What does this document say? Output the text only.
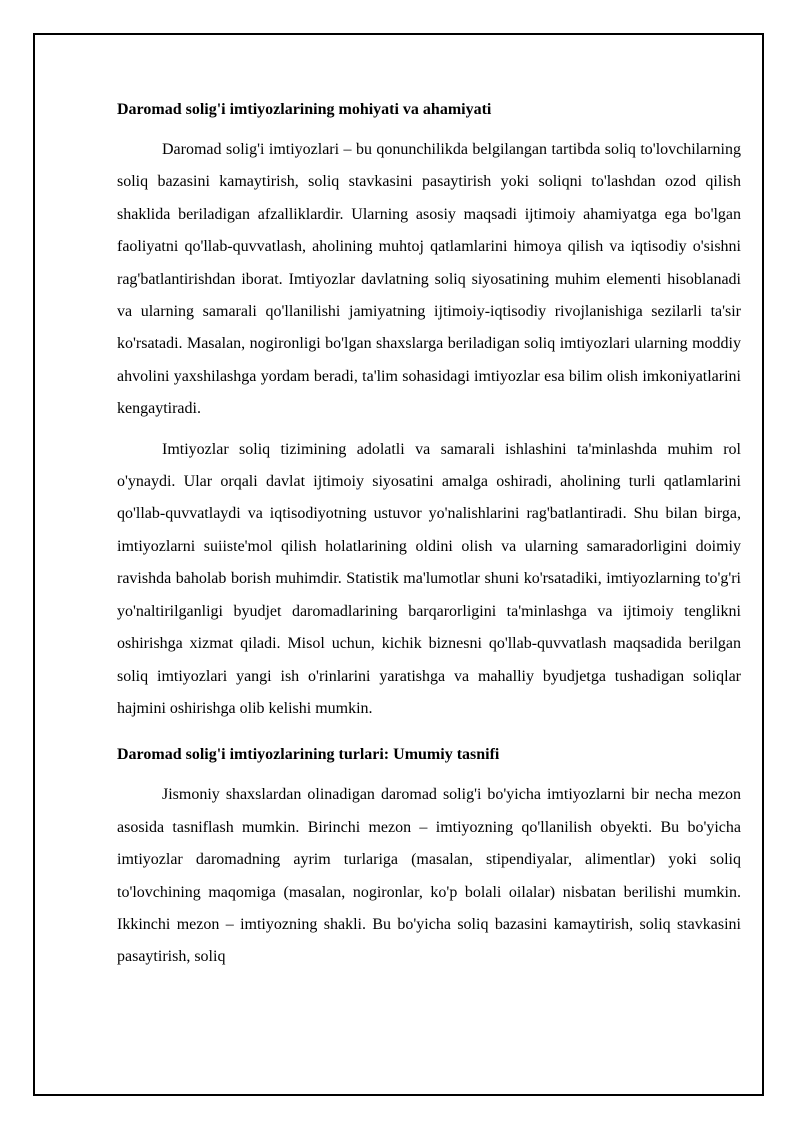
Daromad solig'i imtiyozlarining mohiyati va ahamiyati

Daromad solig'i imtiyozlari – bu qonunchilikda belgilangan tartibda soliq to'lovchilarning soliq bazasini kamaytirish, soliq stavkasini pasaytirish yoki soliqni to'lashdan ozod qilish shaklida beriladigan afzalliklardir. Ularning asosiy maqsadi ijtimoiy ahamiyatga ega bo'lgan faoliyatni qo'llab-quvvatlash, aholining muhtoj qatlamlarini himoya qilish va iqtisodiy o'sishni rag'batlantirishdan iborat. Imtiyozlar davlatning soliq siyosatining muhim elementi hisoblanadi va ularning samarali qo'llanilishi jamiyatning ijtimoiy-iqtisodiy rivojlanishiga sezilarli ta'sir ko'rsatadi. Masalan, nogironligi bo'lgan shaxslarga beriladigan soliq imtiyozlari ularning moddiy ahvolini yaxshilashga yordam beradi, ta'lim sohasidagi imtiyozlar esa bilim olish imkoniyatlarini kengaytiradi.

Imtiyozlar soliq tizimining adolatli va samarali ishlashini ta'minlashda muhim rol o'ynaydi. Ular orqali davlat ijtimoiy siyosatini amalga oshiradi, aholining turli qatlamlarini qo'llab-quvvatlaydi va iqtisodiyotning ustuvor yo'nalishlarini rag'batlantiradi. Shu bilan birga, imtiyozlarni suiiste'mol qilish holatlarining oldini olish va ularning samaradorligini doimiy ravishda baholab borish muhimdir. Statistik ma'lumotlar shuni ko'rsatadiki, imtiyozlarning to'g'ri yo'naltirilganligi byudjet daromadlarining barqarorligini ta'minlashga va ijtimoiy tenglikni oshirishga xizmat qiladi. Misol uchun, kichik biznesni qo'llab-quvvatlash maqsadida berilgan soliq imtiyozlari yangi ish o'rinlarini yaratishga va mahalliy byudjetga tushadigan soliqlar hajmini oshirishga olib kelishi mumkin.

Daromad solig'i imtiyozlarining turlari: Umumiy tasnifi

Jismoniy shaxslardan olinadigan daromad solig'i bo'yicha imtiyozlarni bir necha mezon asosida tasniflash mumkin. Birinchi mezon – imtiyozning qo'llanilish obyekti. Bu bo'yicha imtiyozlar daromadning ayrim turlariga (masalan, stipendiyalar, alimentlar) yoki soliq to'lovchining maqomiga (masalan, nogironlar, ko'p bolali oilalar) nisbatan berilishi mumkin. Ikkinchi mezon – imtiyozning shakli. Bu bo'yicha soliq bazasini kamaytirish, soliq stavkasini pasaytirish, soliq
